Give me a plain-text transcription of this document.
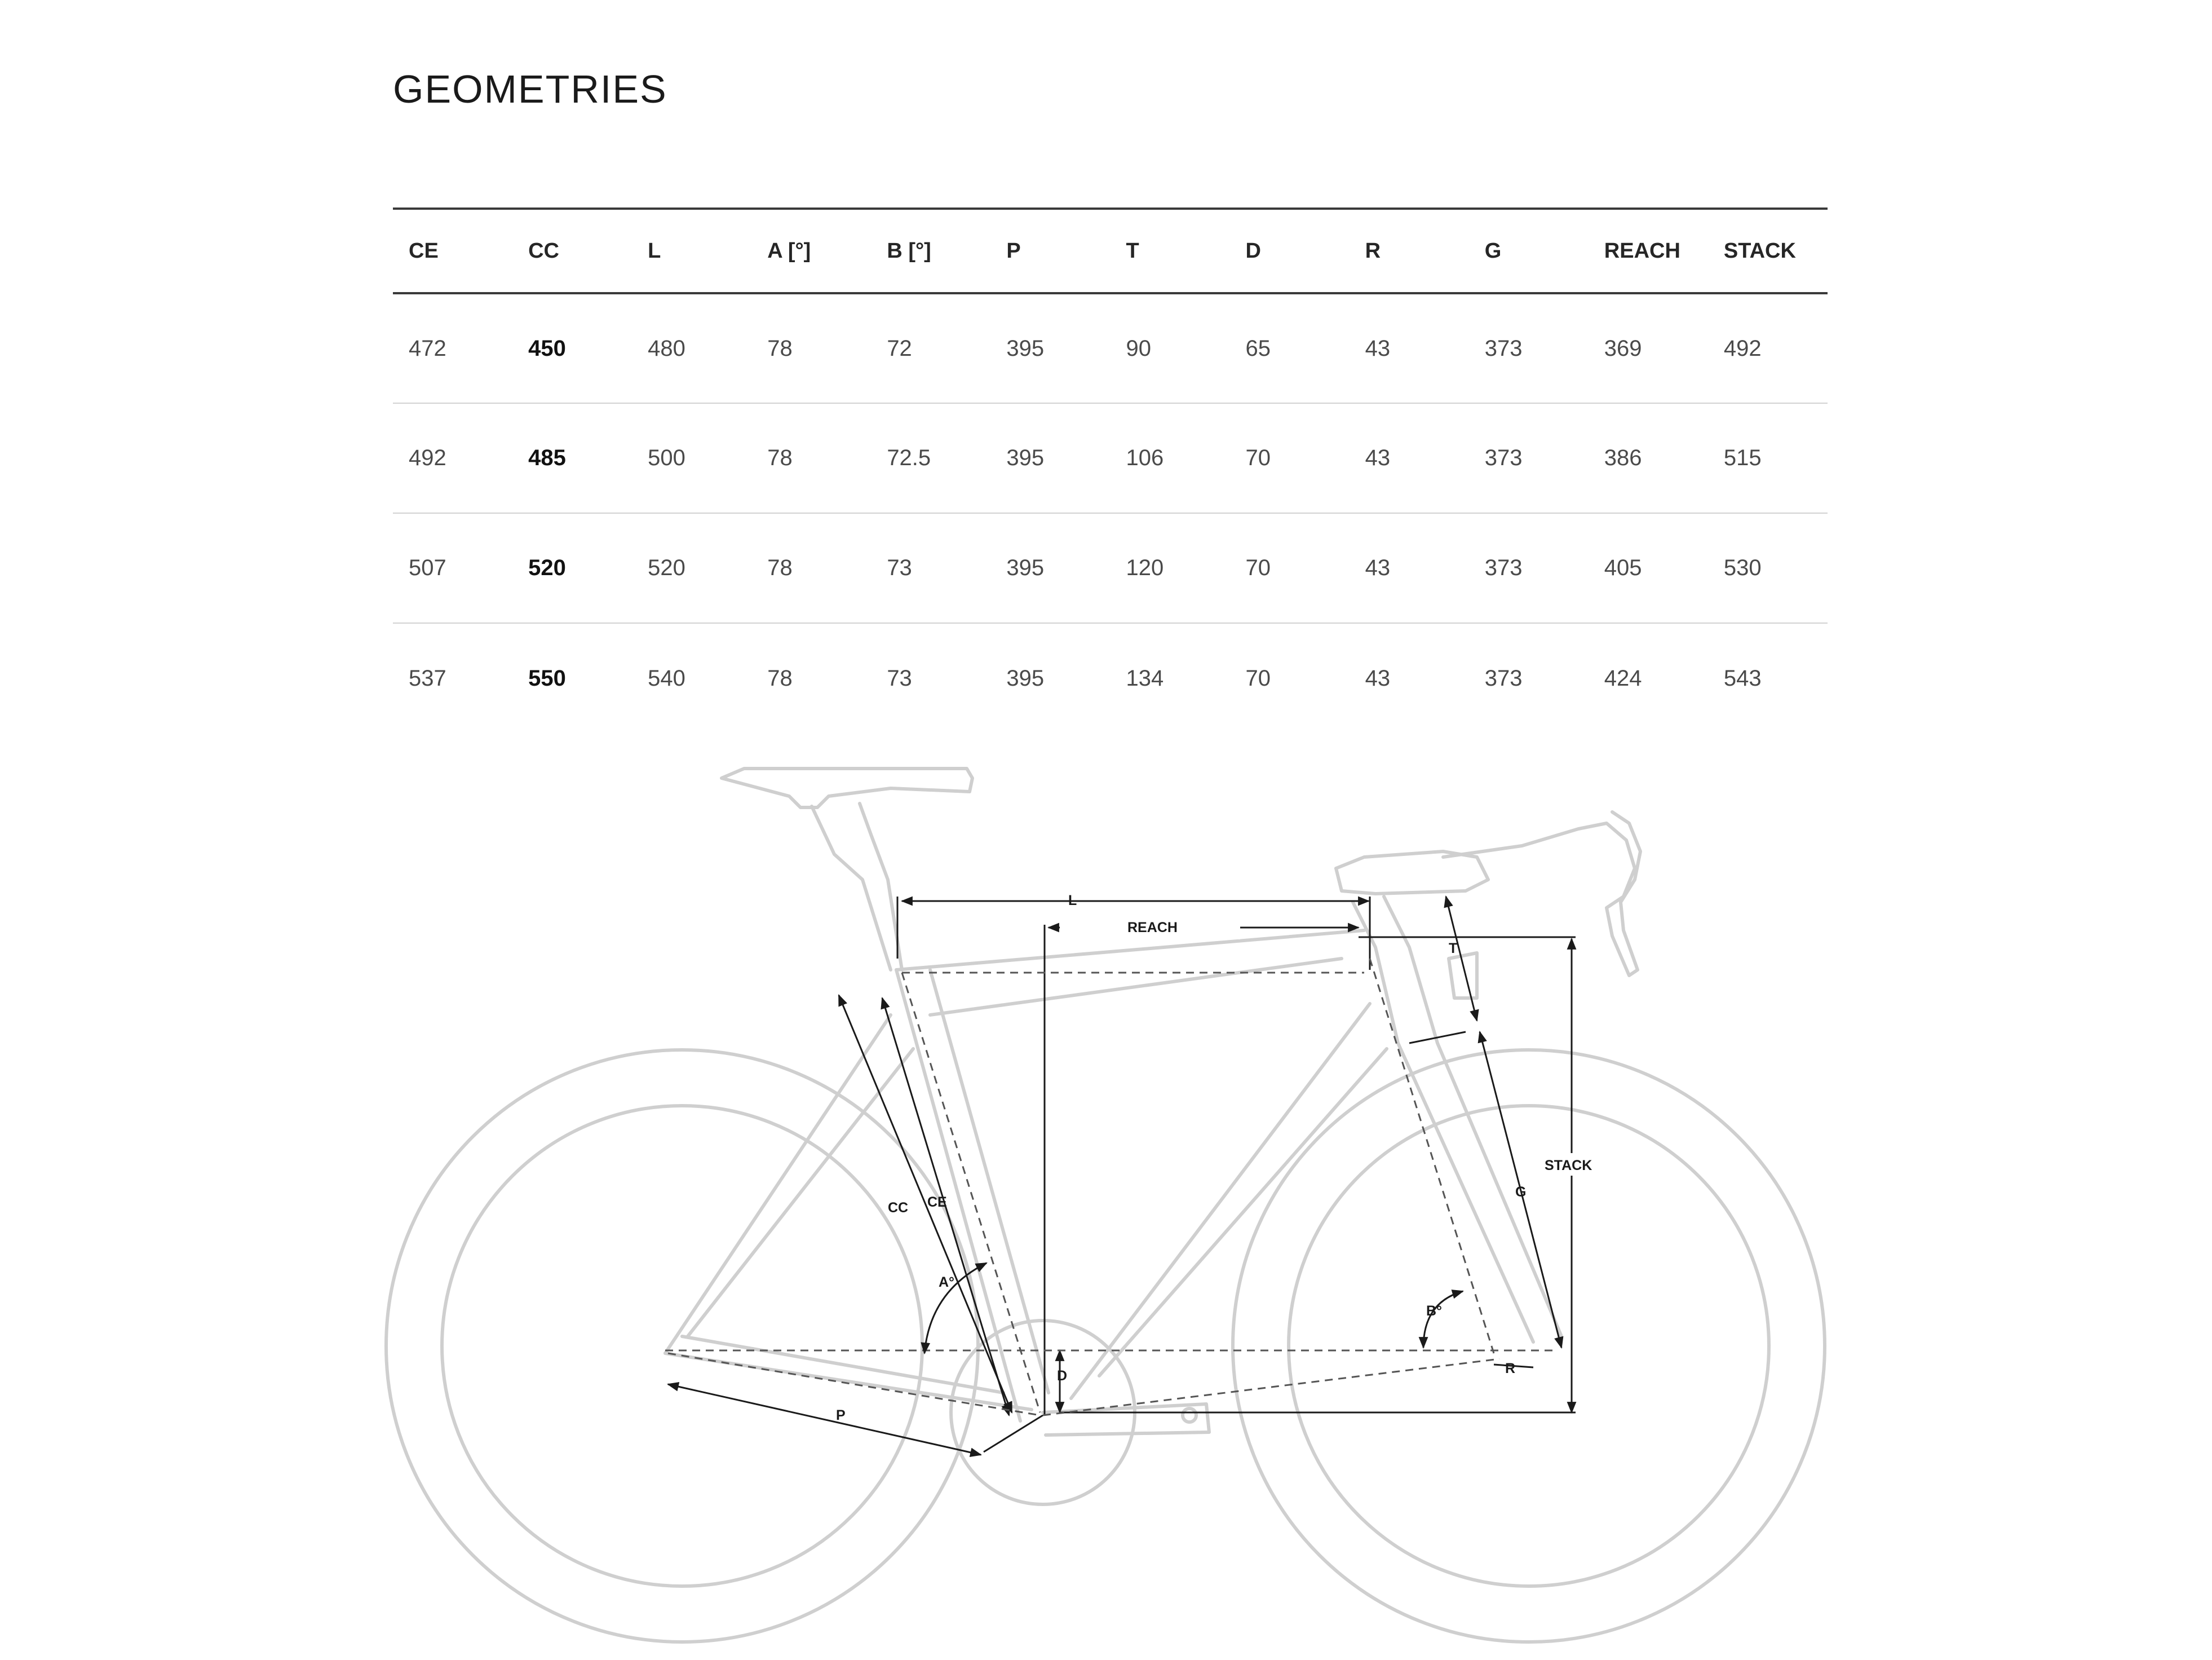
GEOMETRIES
CE	CC	L	A [°]	B [°]	P	T	D	R	G	REACH	STACK
472	450	480	78	72	395	90	65	43	373	369	492
492	485	500	78	72.5	395	106	70	43	373	386	515
507	520	520	78	73	395	120	70	43	373	405	530
537	550	540	78	73	395	134	70	43	373	424	543
L
REACH
T
STACK
G
CC CE
A°
B°
D	R
P
